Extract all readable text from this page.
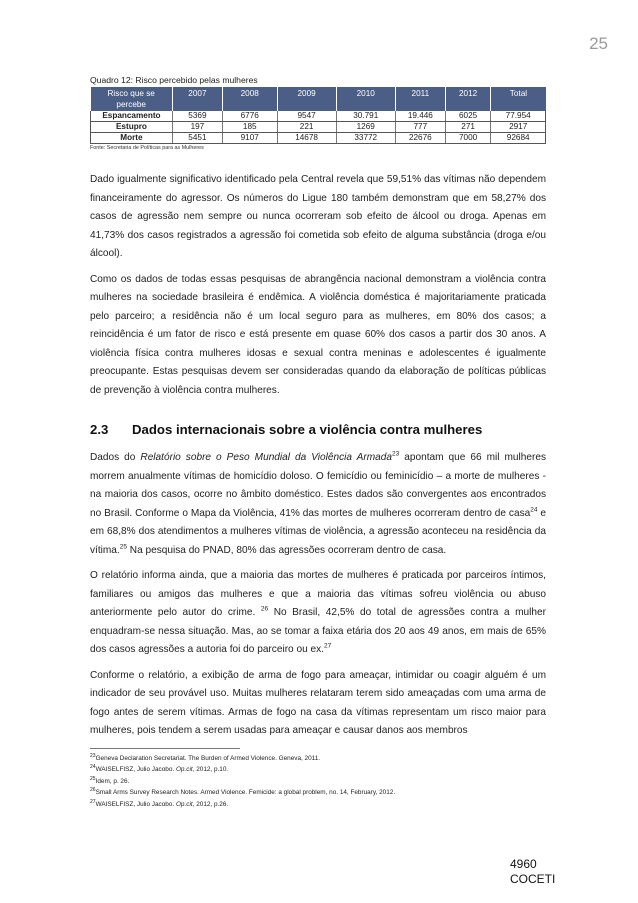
25
Quadro 12: Risco percebido pelas mulheres
Risco que se percebe	2007	2008	2009	2010	2011	2012	Total
Espancamento	5369	6776	9547	30.791	19.446	6025	77.954
Estupro	197	185	221	1269	777	271	2917
Morte	5451	9107	14678	33772	22676	7000	92684
Fonte: Secretaria de Políticas para as Mulheres

Dado igualmente significativo identificado pela Central revela que 59,51% das vítimas não dependem financeiramente do agressor. Os números do Ligue 180 também demonstram que em 58,27% dos casos de agressão nem sempre ou nunca ocorreram sob efeito de álcool ou droga. Apenas em 41,73% dos casos registrados a agressão foi cometida sob efeito de alguma substância (droga e/ou álcool).

Como os dados de todas essas pesquisas de abrangência nacional demonstram a violência contra mulheres na sociedade brasileira é endêmica. A violência doméstica é majoritariamente praticada pelo parceiro; a residência não é um local seguro para as mulheres, em 80% dos casos; a reincidência é um fator de risco e está presente em quase 60% dos casos a partir dos 30 anos. A violência física contra mulheres idosas e sexual contra meninas e adolescentes é igualmente preocupante. Estas pesquisas devem ser consideradas quando da elaboração de políticas públicas de prevenção à violência contra mulheres.

2.3 Dados internacionais sobre a violência contra mulheres

Dados do Relatório sobre o Peso Mundial da Violência Armada$^{23}$ apontam que 66 mil mulheres morrem anualmente vítimas de homicídio doloso. O femicídio ou feminicídio – a morte de mulheres - na maioria dos casos, ocorre no âmbito doméstico. Estes dados são convergentes aos encontrados no Brasil. Conforme o Mapa da Violência, 41% das mortes de mulheres ocorreram dentro de casa$^{24}$ e em 68,8% dos atendimentos a mulheres vítimas de violência, a agressão aconteceu na residência da vítima.$^{25}$ Na pesquisa do PNAD, 80% das agressões ocorreram dentro de casa.

O relatório informa ainda, que a maioria das mortes de mulheres é praticada por parceiros íntimos, familiares ou amigos das mulheres e que a maioria das vítimas sofreu violência ou abuso anteriormente pelo autor do crime. $^{26}$ No Brasil, 42,5% do total de agressões contra a mulher enquadram-se nessa situação. Mas, ao se tomar a faixa etária dos 20 aos 49 anos, em mais de 65% dos casos agressões a autoria foi do parceiro ou ex.$^{27}$

Conforme o relatório, a exibição de arma de fogo para ameaçar, intimidar ou coagir alguém é um indicador de seu provável uso. Muitas mulheres relataram terem sido ameaçadas com uma arma de fogo antes de serem vítimas. Armas de fogo na casa da vítimas representam um risco maior para mulheres, pois tendem a serem usadas para ameaçar e causar danos aos membros

$^{23}$Geneva Declaration Secretariat. The Burden of Armed Violence. Geneva, 2011.
$^{24}$WAISELFISZ, Julio Jacobo. Op.cit, 2012, p.10.
$^{25}$Idem, p. 26.
$^{26}$Small Arms Survey Research Notes. Armed Violence. Femicide: a global problem, no. 14, February, 2012.
$^{27}$WAISELFISZ, Julio Jacobo. Op.cit, 2012, p.26.
4960
COCETI
